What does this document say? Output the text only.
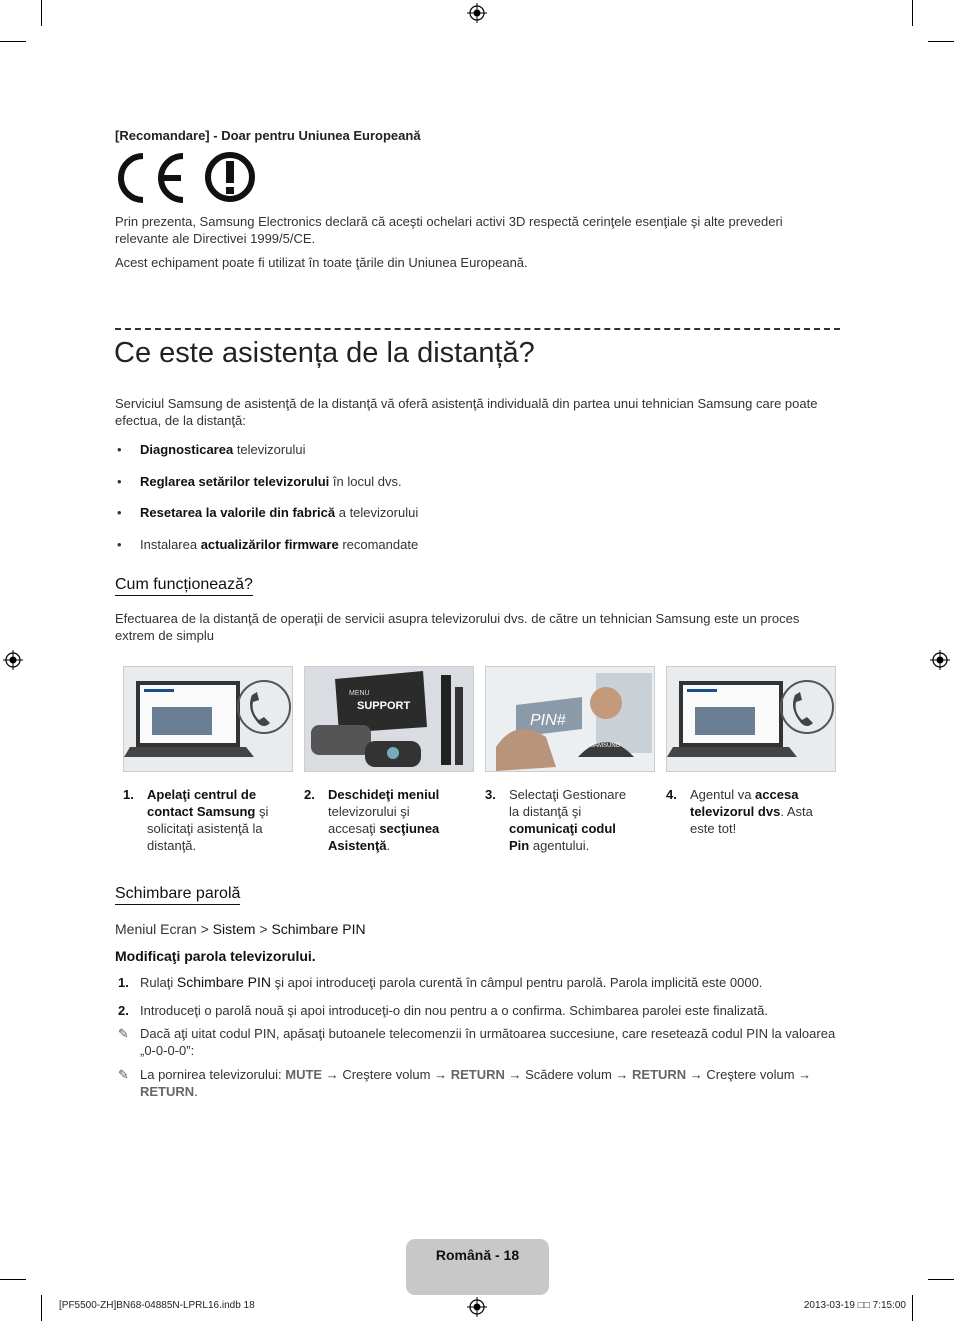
[Recomandare] - Doar pentru Uniunea Europeană
Prin prezenta, Samsung Electronics declară că aceşti ochelari activi 3D respectă cerinţele esenţiale şi alte prevederi relevante ale Directivei 1999/5/CE.
Acest echipament poate fi utilizat în toate ţările din Uniunea Europeană.
Ce este asistența de la distanță?
Serviciul Samsung de asistenţă de la distanţă vă oferă asistenţă individuală din partea unui tehnician Samsung care poate efectua, de la distanţă:
• Diagnosticarea televizorului
• Reglarea setărilor televizorului în locul dvs.
• Resetarea la valorile din fabrică a televizorului
• Instalarea actualizărilor firmware recomandate
Cum funcționează?
Efectuarea de la distanţă de operaţii de servicii asupra televizorului dvs. de către un tehnician Samsung este un proces extrem de simplu
MENU
SUPPORT
PIN#
SAMSUNG
1. Apelaţi centrul de contact Samsung şi solicitaţi asistenţă la distanţă.
2. Deschideţi meniul televizorului şi accesaţi secţiunea Asistenţă.
3. Selectaţi Gestionare la distanţă şi comunicaţi codul Pin agentului.
4. Agentul va accesa televizorul dvs. Asta este tot!
Schimbare parolă
Meniul Ecran > Sistem > Schimbare PIN
Modificaţi parola televizorului.
1. Rulaţi Schimbare PIN şi apoi introduceţi parola curentă în câmpul pentru parolă. Parola implicită este 0000.
2. Introduceţi o parolă nouă şi apoi introduceţi-o din nou pentru a o confirma. Schimbarea parolei este finalizată.
✎ Dacă aţi uitat codul PIN, apăsaţi butoanele telecomenzii în următoarea succesiune, care resetează codul PIN la valoarea „0-0-0-0”:
✎ La pornirea televizorului: MUTE → Creştere volum → RETURN → Scădere volum → RETURN → Creştere volum → RETURN.
Română - 18
[PF5500-ZH]BN68-04885N-LPRL16.indb 18	2013-03-19 □□ 7:15:00
